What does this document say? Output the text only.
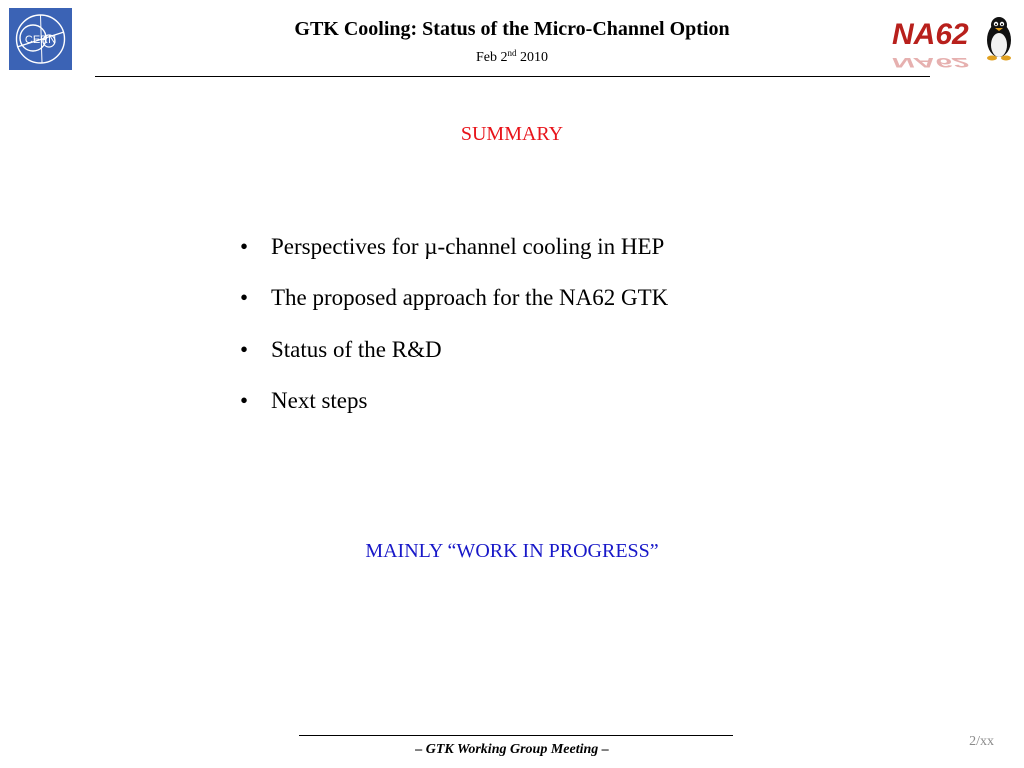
CERN	GTK Cooling: Status of the Micro-Channel Option
Feb 2nd 2010	NA62
NA62
SUMMARY
• Perspectives for µ-channel cooling in HEP
• The proposed approach for the NA62 GTK
• Status of the R&D
• Next steps
MAINLY “WORK IN PROGRESS”
– GTK Working Group Meeting –
2/xx
